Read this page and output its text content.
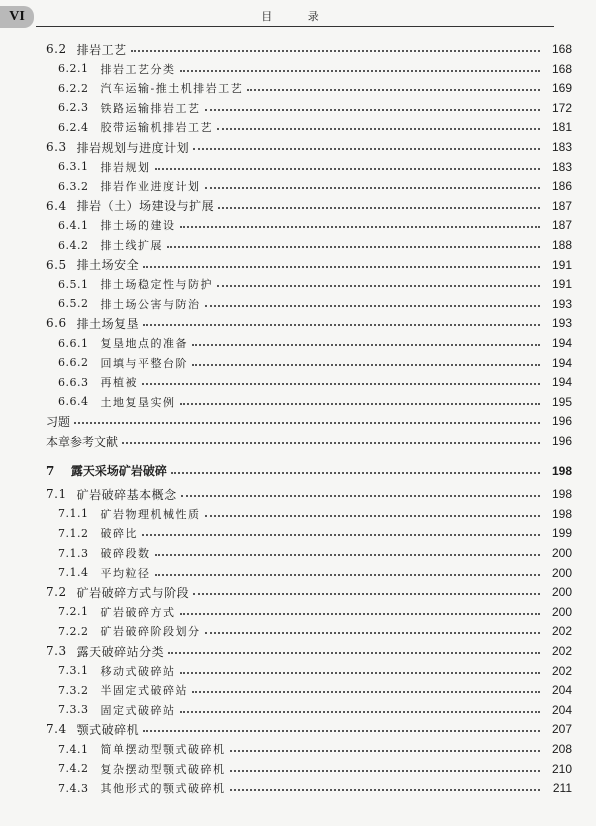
VI	目 录
6.2 排岩工艺	168
6.2.1 排岩工艺分类	168
6.2.2 汽车运输-推土机排岩工艺	169
6.2.3 铁路运输排岩工艺	172
6.2.4 胶带运输机排岩工艺	181
6.3 排岩规划与进度计划	183
6.3.1 排岩规划	183
6.3.2 排岩作业进度计划	186
6.4 排岩（土）场建设与扩展	187
6.4.1 排土场的建设	187
6.4.2 排土线扩展	188
6.5 排土场安全	191
6.5.1 排土场稳定性与防护	191
6.5.2 排土场公害与防治	193
6.6 排土场复垦	193
6.6.1 复垦地点的准备	194
6.6.2 回填与平整台阶	194
6.6.3 再植被	194
6.6.4 土地复垦实例	195
习题	196
本章参考文献	196
7 露天采场矿岩破碎	198
7.1 矿岩破碎基本概念	198
7.1.1 矿岩物理机械性质	198
7.1.2 破碎比	199
7.1.3 破碎段数	200
7.1.4 平均粒径	200
7.2 矿岩破碎方式与阶段	200
7.2.1 矿岩破碎方式	200
7.2.2 矿岩破碎阶段划分	202
7.3 露天破碎站分类	202
7.3.1 移动式破碎站	202
7.3.2 半固定式破碎站	204
7.3.3 固定式破碎站	204
7.4 颚式破碎机	207
7.4.1 简单摆动型颚式破碎机	208
7.4.2 复杂摆动型颚式破碎机	210
7.4.3 其他形式的颚式破碎机	211
